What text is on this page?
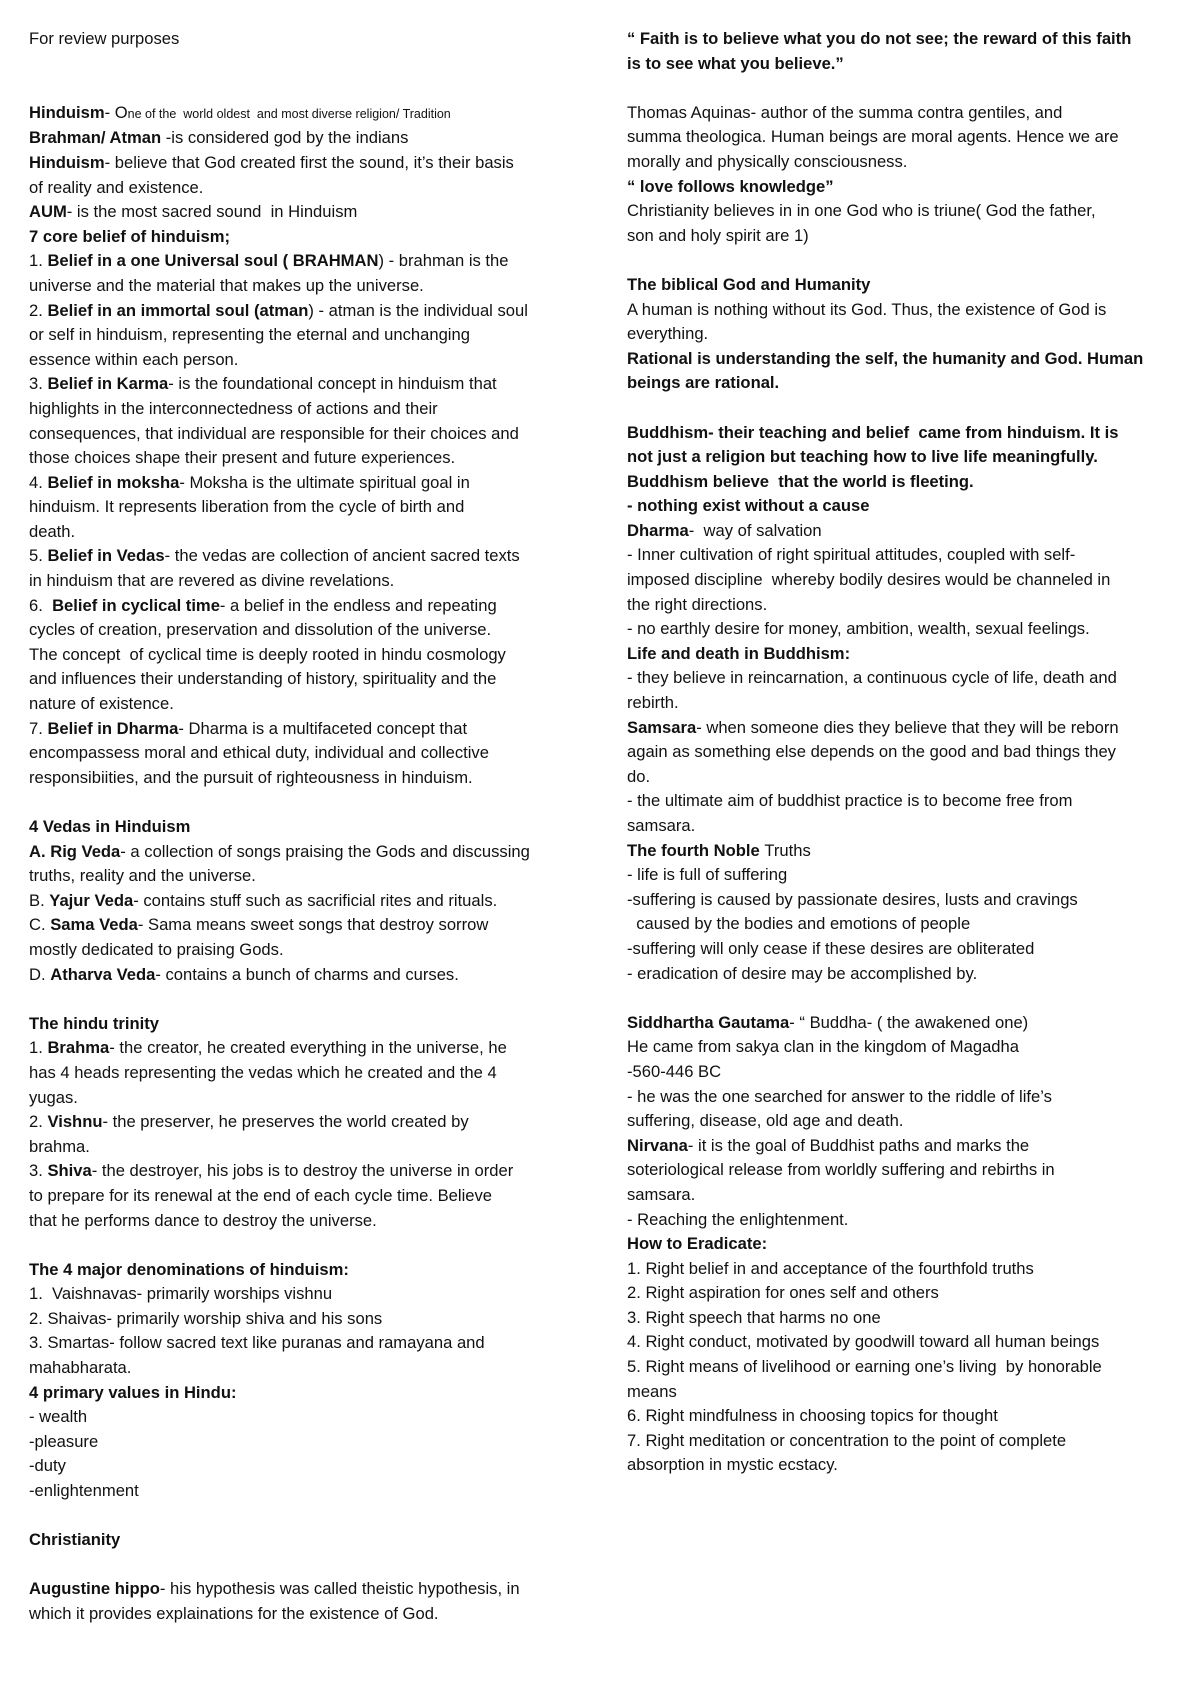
For review purposes
Hinduism- One of the  world oldest  and most diverse religion/ Tradition
Brahman/ Atman -is considered god by the indians
Hinduism- believe that God created first the sound, it’s their basis
of reality and existence.
AUM- is the most sacred sound  in Hinduism
7 core belief of hinduism;
1. Belief in a one Universal soul ( BRAHMAN) - brahman is the
universe and the material that makes up the universe.
2. Belief in an immortal soul (atman) - atman is the individual soul
or self in hinduism, representing the eternal and unchanging
essence within each person.
3. Belief in Karma- is the foundational concept in hinduism that
highlights in the interconnectedness of actions and their
consequences, that individual are responsible for their choices and
those choices shape their present and future experiences.
4. Belief in moksha- Moksha is the ultimate spiritual goal in
hinduism. It represents liberation from the cycle of birth and
death.
5. Belief in Vedas- the vedas are collection of ancient sacred texts
in hinduism that are revered as divine revelations.
6.  Belief in cyclical time- a belief in the endless and repeating
cycles of creation, preservation and dissolution of the universe.
The concept  of cyclical time is deeply rooted in hindu cosmology
and influences their understanding of history, spirituality and the
nature of existence.
7. Belief in Dharma- Dharma is a multifaceted concept that
encompassess moral and ethical duty, individual and collective
responsibiities, and the pursuit of righteousness in hinduism.
4 Vedas in Hinduism
A. Rig Veda- a collection of songs praising the Gods and discussing
truths, reality and the universe.
B. Yajur Veda- contains stuff such as sacrificial rites and rituals.
C. Sama Veda- Sama means sweet songs that destroy sorrow
mostly dedicated to praising Gods.
D. Atharva Veda- contains a bunch of charms and curses.
The hindu trinity
1. Brahma- the creator, he created everything in the universe, he
has 4 heads representing the vedas which he created and the 4
yugas.
2. Vishnu- the preserver, he preserves the world created by
brahma.
3. Shiva- the destroyer, his jobs is to destroy the universe in order
to prepare for its renewal at the end of each cycle time. Believe
that he performs dance to destroy the universe.
The 4 major denominations of hinduism:
1.  Vaishnavas- primarily worships vishnu
2. Shaivas- primarily worship shiva and his sons
3. Smartas- follow sacred text like puranas and ramayana and
mahabharata.
4 primary values in Hindu:
- wealth
-pleasure
-duty
-enlightenment
Christianity
Augustine hippo- his hypothesis was called theistic hypothesis, in
which it provides explainations for the existence of God.
“ Faith is to believe what you do not see; the reward of this faith
is to see what you believe.”
Thomas Aquinas- author of the summa contra gentiles, and
summa theologica. Human beings are moral agents. Hence we are
morally and physically consciousness.
“ love follows knowledge”
Christianity believes in in one God who is triune( God the father,
son and holy spirit are 1)
The biblical God and Humanity
A human is nothing without its God. Thus, the existence of God is
everything.
Rational is understanding the self, the humanity and God. Human
beings are rational.
Buddhism- their teaching and belief  came from hinduism. It is
not just a religion but teaching how to live life meaningfully.
Buddhism believe  that the world is fleeting.
- nothing exist without a cause
Dharma-  way of salvation
- Inner cultivation of right spiritual attitudes, coupled with self-
imposed discipline  whereby bodily desires would be channeled in
the right directions.
- no earthly desire for money, ambition, wealth, sexual feelings.
Life and death in Buddhism:
- they believe in reincarnation, a continuous cycle of life, death and
rebirth.
Samsara- when someone dies they believe that they will be reborn
again as something else depends on the good and bad things they
do.
- the ultimate aim of buddhist practice is to become free from
samsara.
The fourth Noble Truths
- life is full of suffering
-suffering is caused by passionate desires, lusts and cravings
caused by the bodies and emotions of people
-suffering will only cease if these desires are obliterated
- eradication of desire may be accomplished by.
Siddhartha Gautama- “ Buddha- ( the awakened one)
He came from sakya clan in the kingdom of Magadha
-560-446 BC
- he was the one searched for answer to the riddle of life’s
suffering, disease, old age and death.
Nirvana- it is the goal of Buddhist paths and marks the
soteriological release from worldly suffering and rebirths in
samsara.
- Reaching the enlightenment.
How to Eradicate:
1. Right belief in and acceptance of the fourthfold truths
2. Right aspiration for ones self and others
3. Right speech that harms no one
4. Right conduct, motivated by goodwill toward all human beings
5. Right means of livelihood or earning one’s living  by honorable
means
6. Right mindfulness in choosing topics for thought
7. Right meditation or concentration to the point of complete
absorption in mystic ecstacy.
